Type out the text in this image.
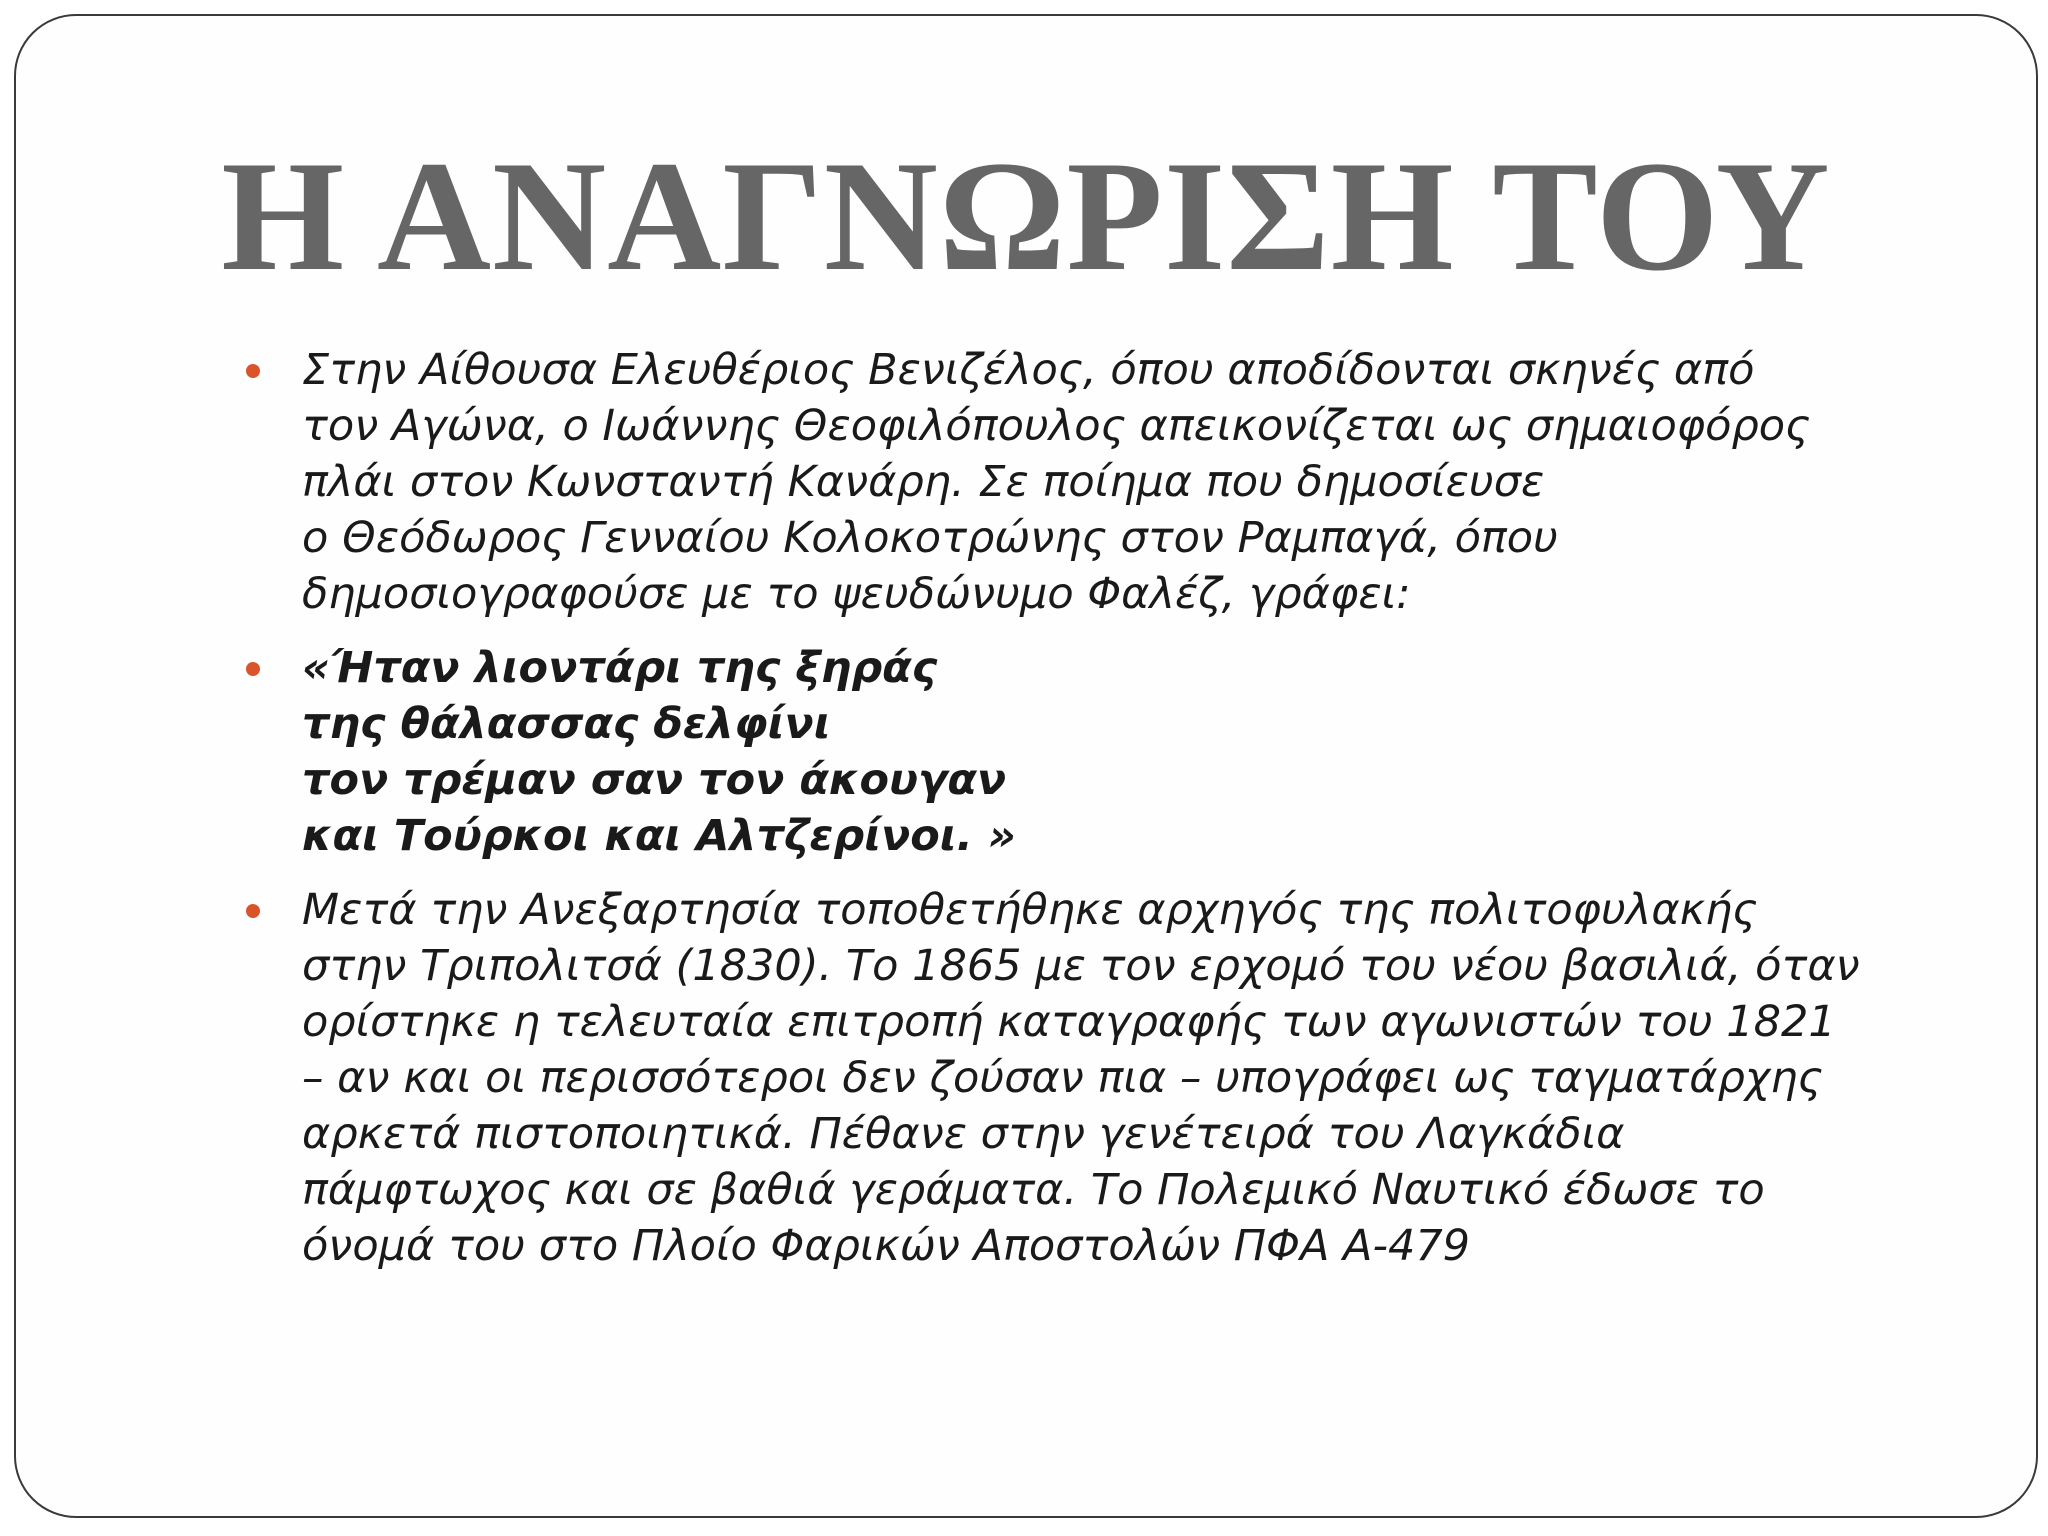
Η ΑΝΑΓΝΩΡΙΣΗ ΤΟΥ
Στην Αίθουσα Ελευθέριος Βενιζέλος, όπου αποδίδονται σκηνές από
τον Αγώνα, ο Ιωάννης Θεοφιλόπουλος απεικονίζεται ως σημαιοφόρος
πλάι στον Κωνσταντή Κανάρη. Σε ποίημα που δημοσίευσε
ο Θεόδωρος Γενναίου Κολοκοτρώνης στον Ραμπαγά, όπου
δημοσιογραφούσε με το ψευδώνυμο Φαλέζ, γράφει:
«Ήταν λιοντάρι της ξηράς
της θάλασσας δελφίνι
τον τρέμαν σαν τον άκουγαν
και Τούρκοι και Αλτζερίνοι. »
Μετά την Ανεξαρτησία τοποθετήθηκε αρχηγός της πολιτοφυλακής
στην Τριπολιτσά (1830). Το 1865 με τον ερχομό του νέου βασιλιά, όταν
ορίστηκε η τελευταία επιτροπή καταγραφής των αγωνιστών του 1821
– αν και οι περισσότεροι δεν ζούσαν πια – υπογράφει ως ταγματάρχης
αρκετά πιστοποιητικά. Πέθανε στην γενέτειρά του Λαγκάδια
πάμφτωχος και σε βαθιά γεράματα. Το Πολεμικό Ναυτικό έδωσε το
όνομά του στο Πλοίο Φαρικών Αποστολών ΠΦΑ Α-479
